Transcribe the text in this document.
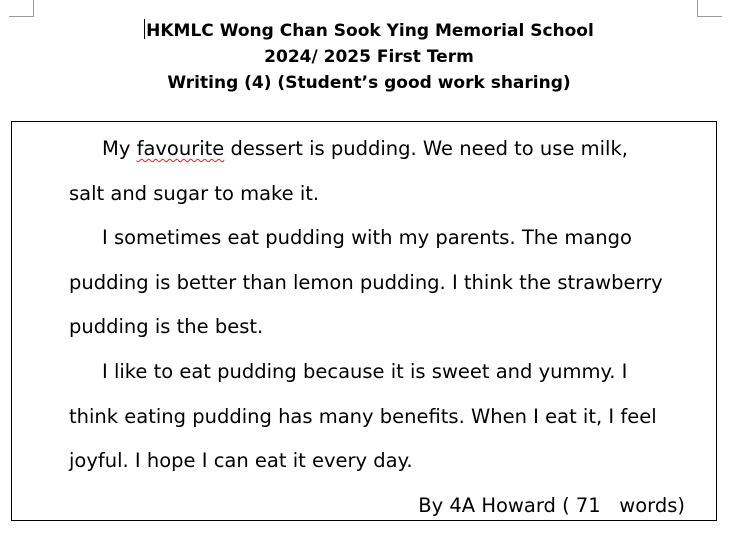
HKMLC Wong Chan Sook Ying Memorial School
2024/ 2025 First Term
Writing (4) (Student’s good work sharing)

My favourite dessert is pudding. We need to use milk,
salt and sugar to make it.

I sometimes eat pudding with my parents. The mango
pudding is better than lemon pudding. I think the strawberry
pudding is the best.

I like to eat pudding because it is sweet and yummy. I
think eating pudding has many benefits. When I eat it, I feel
joyful. I hope I can eat it every day.

By 4A Howard ( 71   words)
